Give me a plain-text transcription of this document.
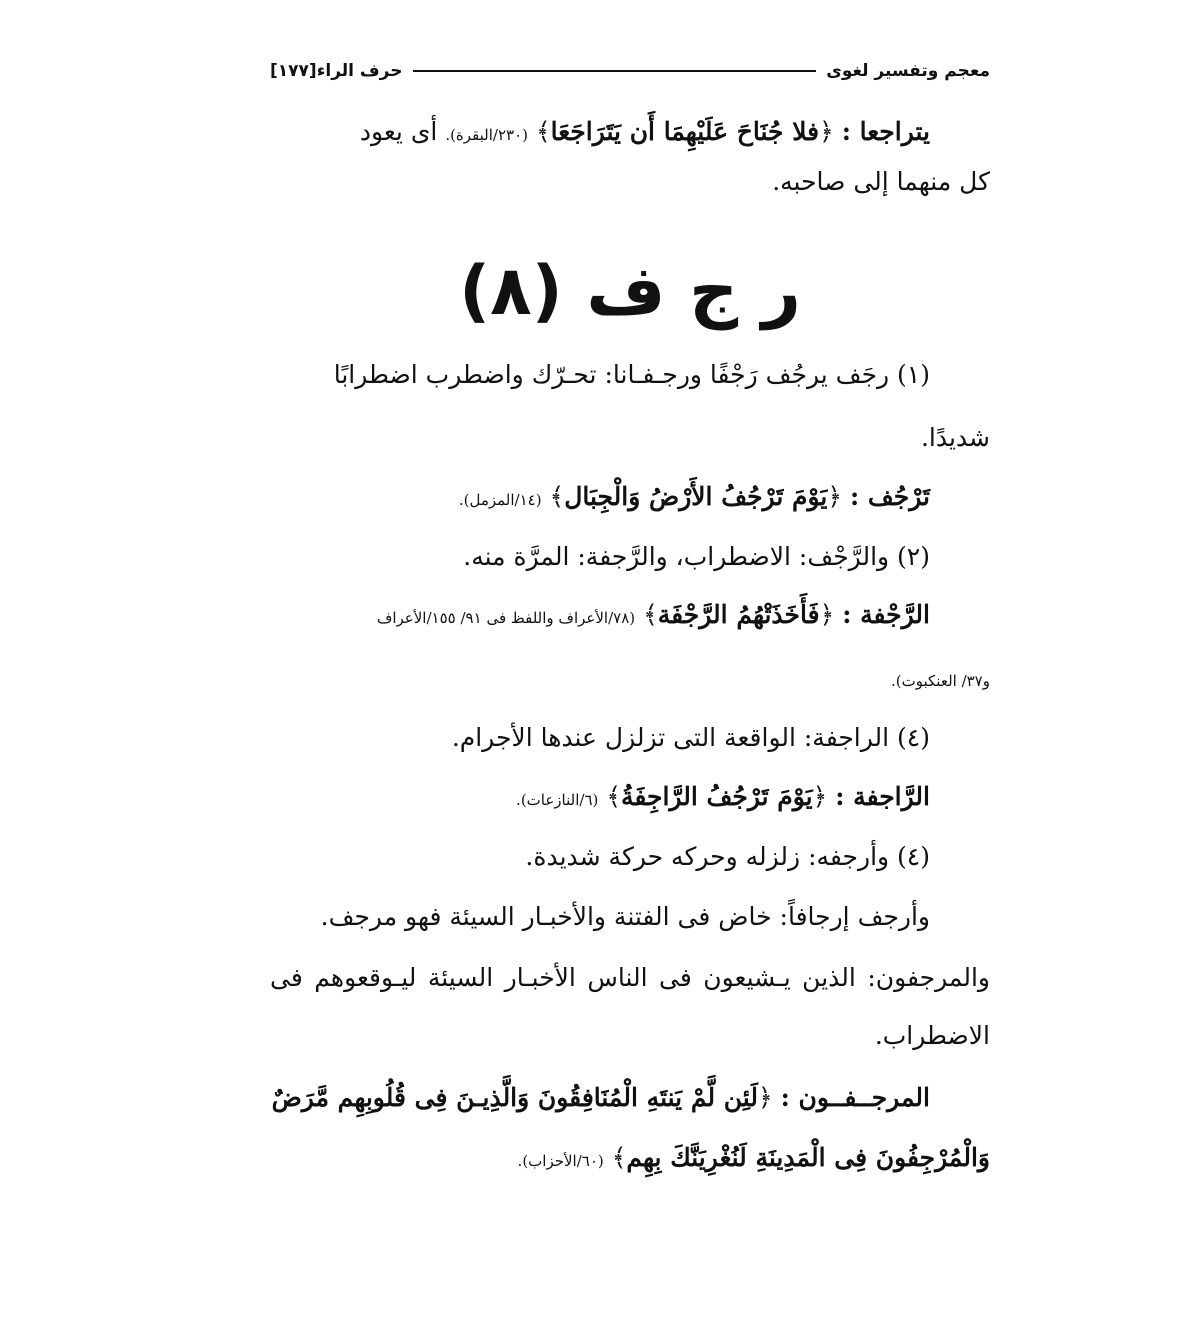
معجم وتفسير لغوى
حرف الراء
[١٧٧]
يتراجعا : ﴿فلا جُنَاحَ عَلَيْهِمَا أَن يَتَرَاجَعَا﴾ (٢٣٠/البقرة). أى يعود
كل منهما إلى صاحبه.
ر ج ف (٨)
(١) رجَف يرجُف رَجْفًا ورجـفـانا: تحـرّك واضطرب اضطرابًا
شديدًا.
تَرْجُف : ﴿يَوْمَ تَرْجُفُ الأَرْضُ وَالْجِبَال﴾ (١٤/المزمل).
(٢) والرَّجْف: الاضطراب، والرَّجفة: المرَّة منه.
الرَّجْفة : ﴿فَأَخَذَتْهُمُ الرَّجْفَة﴾ (٧٨/الأعراف واللفظ فى ٩١/ ١٥٥/الأعراف
و٣٧/ العنكبوت).
(٤) الراجفة: الواقعة التى تزلزل عندها الأجرام.
الرَّاجفة : ﴿يَوْمَ تَرْجُفُ الرَّاجِفَةُ﴾ (٦/النازعات).
(٤) وأرجفه: زلزله وحركه حركة شديدة.
وأرجف إرجافاً: خاض فى الفتنة والأخبـار السيئة فهو مرجف.
والمرجفون: الذين يـشيعون فى الناس الأخبـار السيئة ليـوقعوهم فى
الاضطراب.
المرجــفــون : ﴿لَئِن لَّمْ يَنتَهِ الْمُنَافِقُونَ وَالَّذِيـنَ فِى قُلُوبِهِم مَّرَضٌ
وَالْمُرْجِفُونَ فِى الْمَدِينَةِ لَنُغْرِيَنَّكَ بِهِم﴾ (٦٠/الأحزاب).
